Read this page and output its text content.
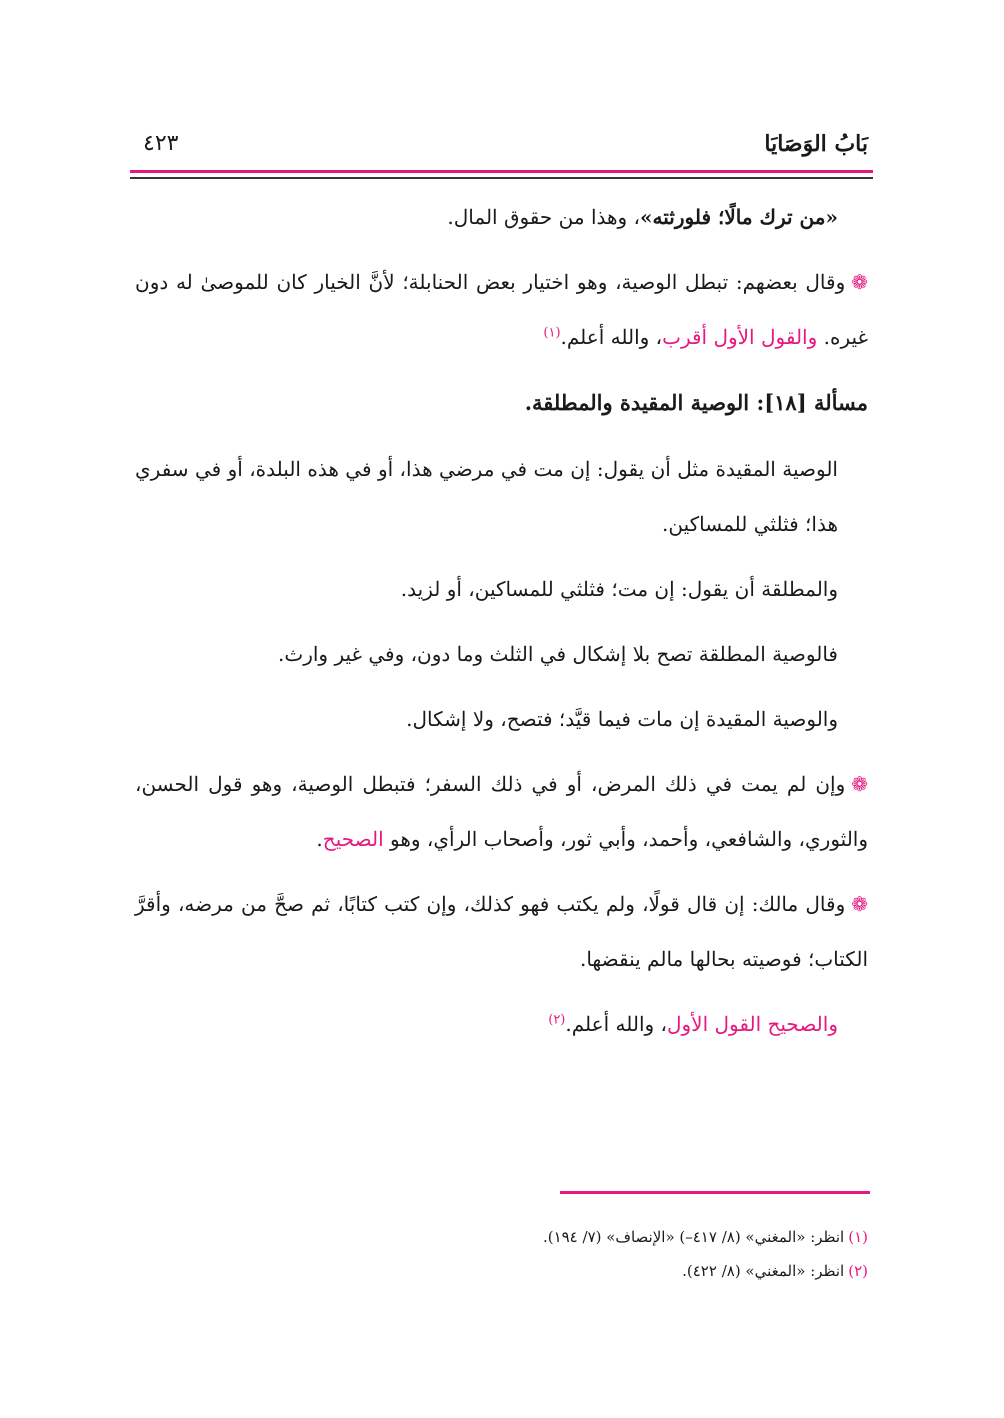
بَابُ الوَصَايَا
٤٢٣

«من ترك مالًا؛ فلورثته»، وهذا من حقوق المال.

❁وقال بعضهم: تبطل الوصية، وهو اختيار بعض الحنابلة؛ لأنَّ الخيار كان للموصىٰ له دون غيره. والقول الأول أقرب، والله أعلم.$^{(١)}$

مسألة [١٨]: الوصية المقيدة والمطلقة.

الوصية المقيدة مثل أن يقول: إن مت في مرضي هذا، أو في هذه البلدة، أو في سفري هذا؛ فثلثي للمساكين.

والمطلقة أن يقول: إن مت؛ فثلثي للمساكين، أو لزيد.

فالوصية المطلقة تصح بلا إشكال في الثلث وما دون، وفي غير وارث.

والوصية المقيدة إن مات فيما قيَّد؛ فتصح، ولا إشكال.

❁وإن لم يمت في ذلك المرض، أو في ذلك السفر؛ فتبطل الوصية، وهو قول الحسن، والثوري، والشافعي، وأحمد، وأبي ثور، وأصحاب الرأي، وهو الصحيح.

❁وقال مالك: إن قال قولًا، ولم يكتب فهو كذلك، وإن كتب كتابًا، ثم صحَّ من مرضه، وأقرَّ الكتاب؛ فوصيته بحالها مالم ينقضها.

والصحيح القول الأول، والله أعلم.$^{(٢)}$

(١)انظر: «المغني» (٨/ ٤١٧–) «الإنصاف» (٧/ ١٩٤).
(٢)انظر: «المغني» (٨/ ٤٢٢).
